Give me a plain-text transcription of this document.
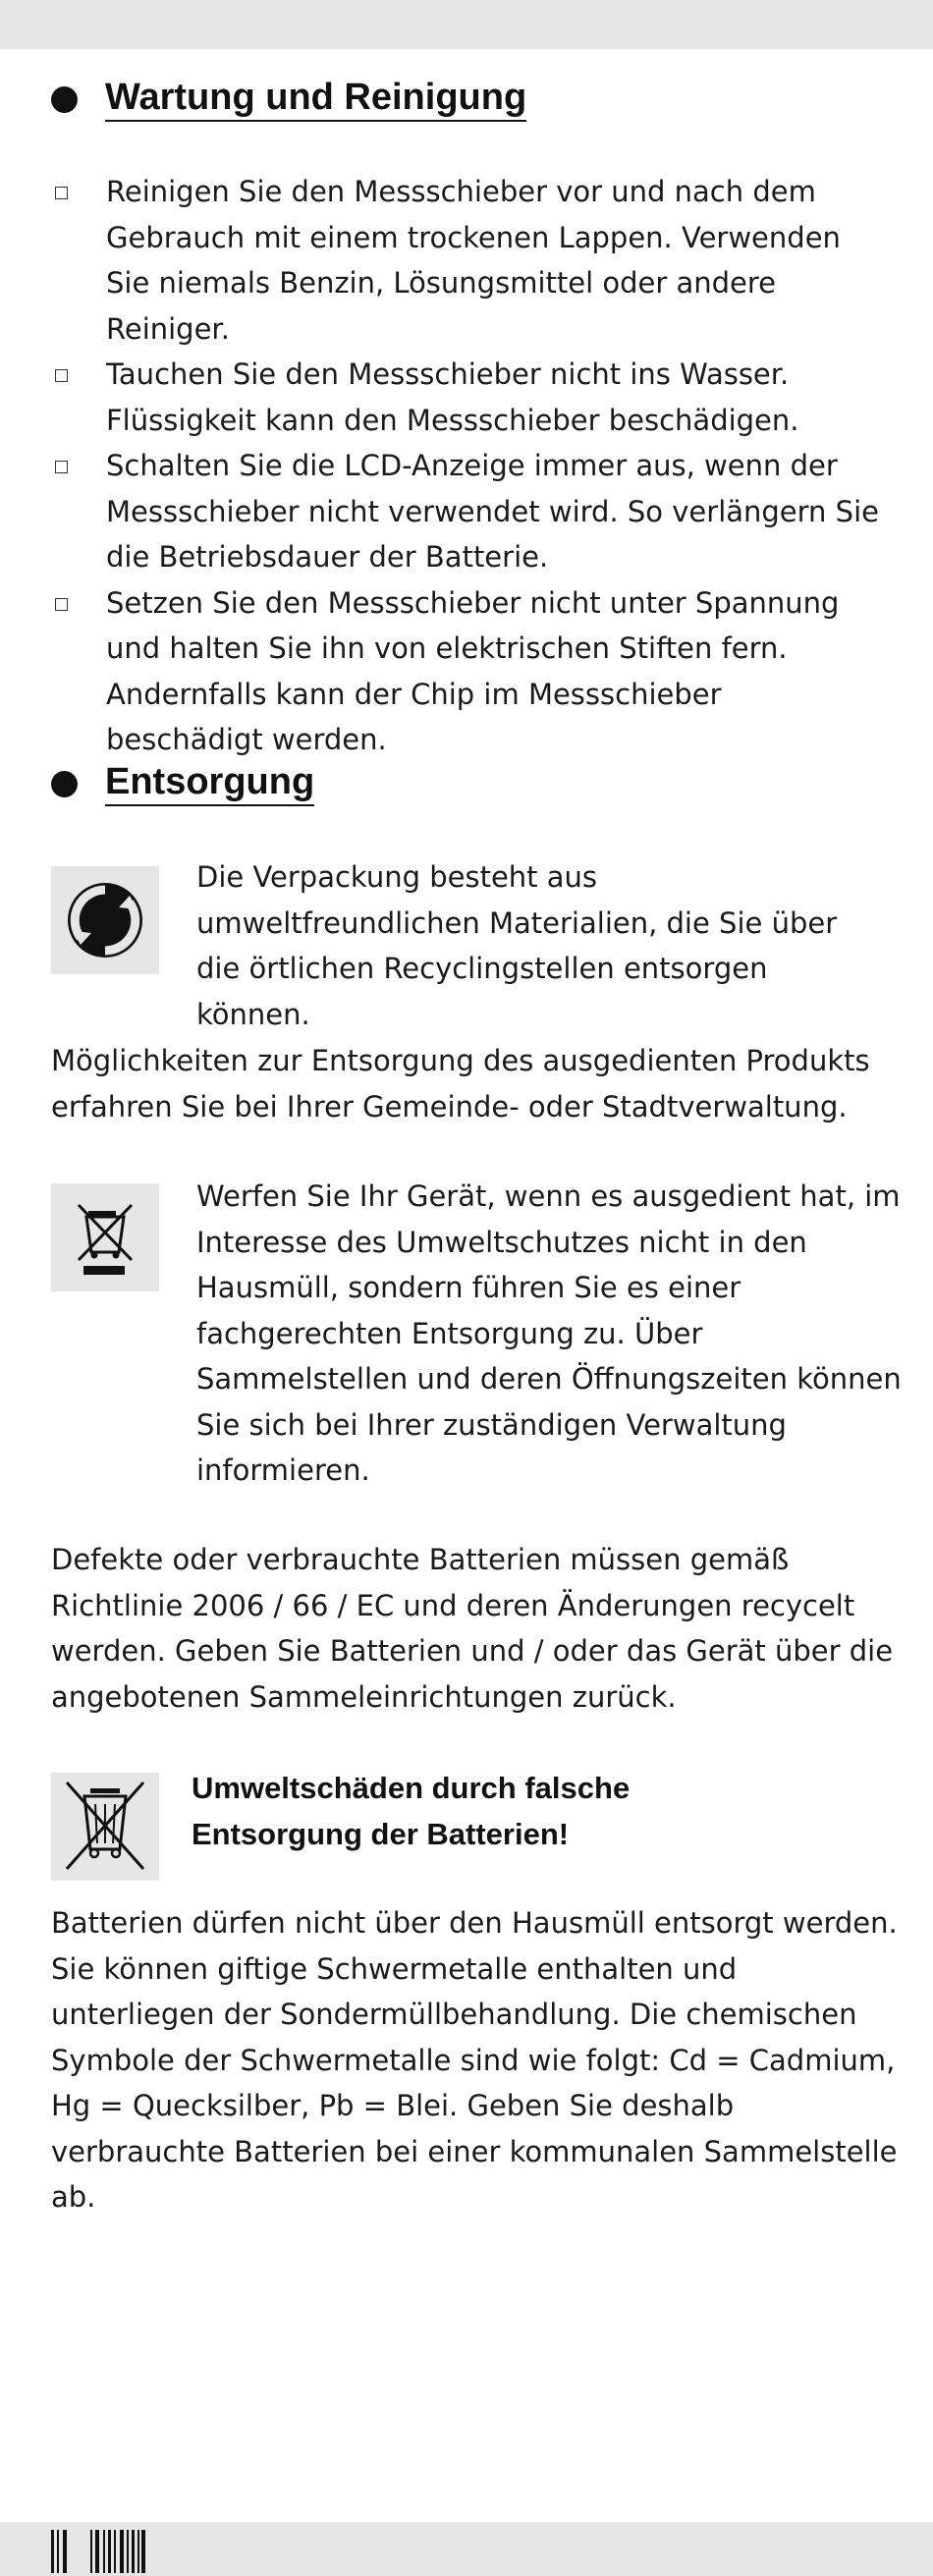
Wartung und Reinigung
Reinigen Sie den Messschieber vor und nach dem Gebrauch mit einem trockenen Lappen. Verwenden Sie niemals Benzin, Lösungsmittel oder andere Reiniger.
Tauchen Sie den Messschieber nicht ins Wasser. Flüssigkeit kann den Messschieber beschädigen.
Schalten Sie die LCD-Anzeige immer aus, wenn der Messschieber nicht verwendet wird. So verlängern Sie die Betriebsdauer der Batterie.
Setzen Sie den Messschieber nicht unter Spannung und halten Sie ihn von elektrischen Stiften fern. Andernfalls kann der Chip im Messschieber beschädigt werden.
Entsorgung
Die Verpackung besteht aus umweltfreundlichen Materialien, die Sie über die örtlichen Recyclingstellen entsorgen können.
Möglichkeiten zur Entsorgung des ausgedienten Produkts erfahren Sie bei Ihrer Gemeinde- oder Stadtverwaltung.
Werfen Sie Ihr Gerät, wenn es ausgedient hat, im Interesse des Umweltschutzes nicht in den Hausmüll, sondern führen Sie es einer fachgerechten Entsorgung zu. Über Sammelstellen und deren Öffnungszeiten können Sie sich bei Ihrer zuständigen Verwaltung
informieren.
Defekte oder verbrauchte Batterien müssen gemäß Richtlinie 2006 / 66 / EC und deren Änderungen recycelt werden. Geben Sie Batterien und / oder das Gerät über die angebotenen Sammeleinrichtungen zurück.
Umweltschäden durch falsche
Entsorgung der Batterien!
Batterien dürfen nicht über den Hausmüll entsorgt werden. Sie können giftige Schwermetalle enthalten und unterliegen der Sondermüllbehandlung. Die chemischen Symbole der Schwermetalle sind wie folgt: Cd = Cadmium, Hg = Quecksilber, Pb = Blei. Geben Sie deshalb verbrauchte Batterien bei einer kommunalen Sammelstelle ab.
